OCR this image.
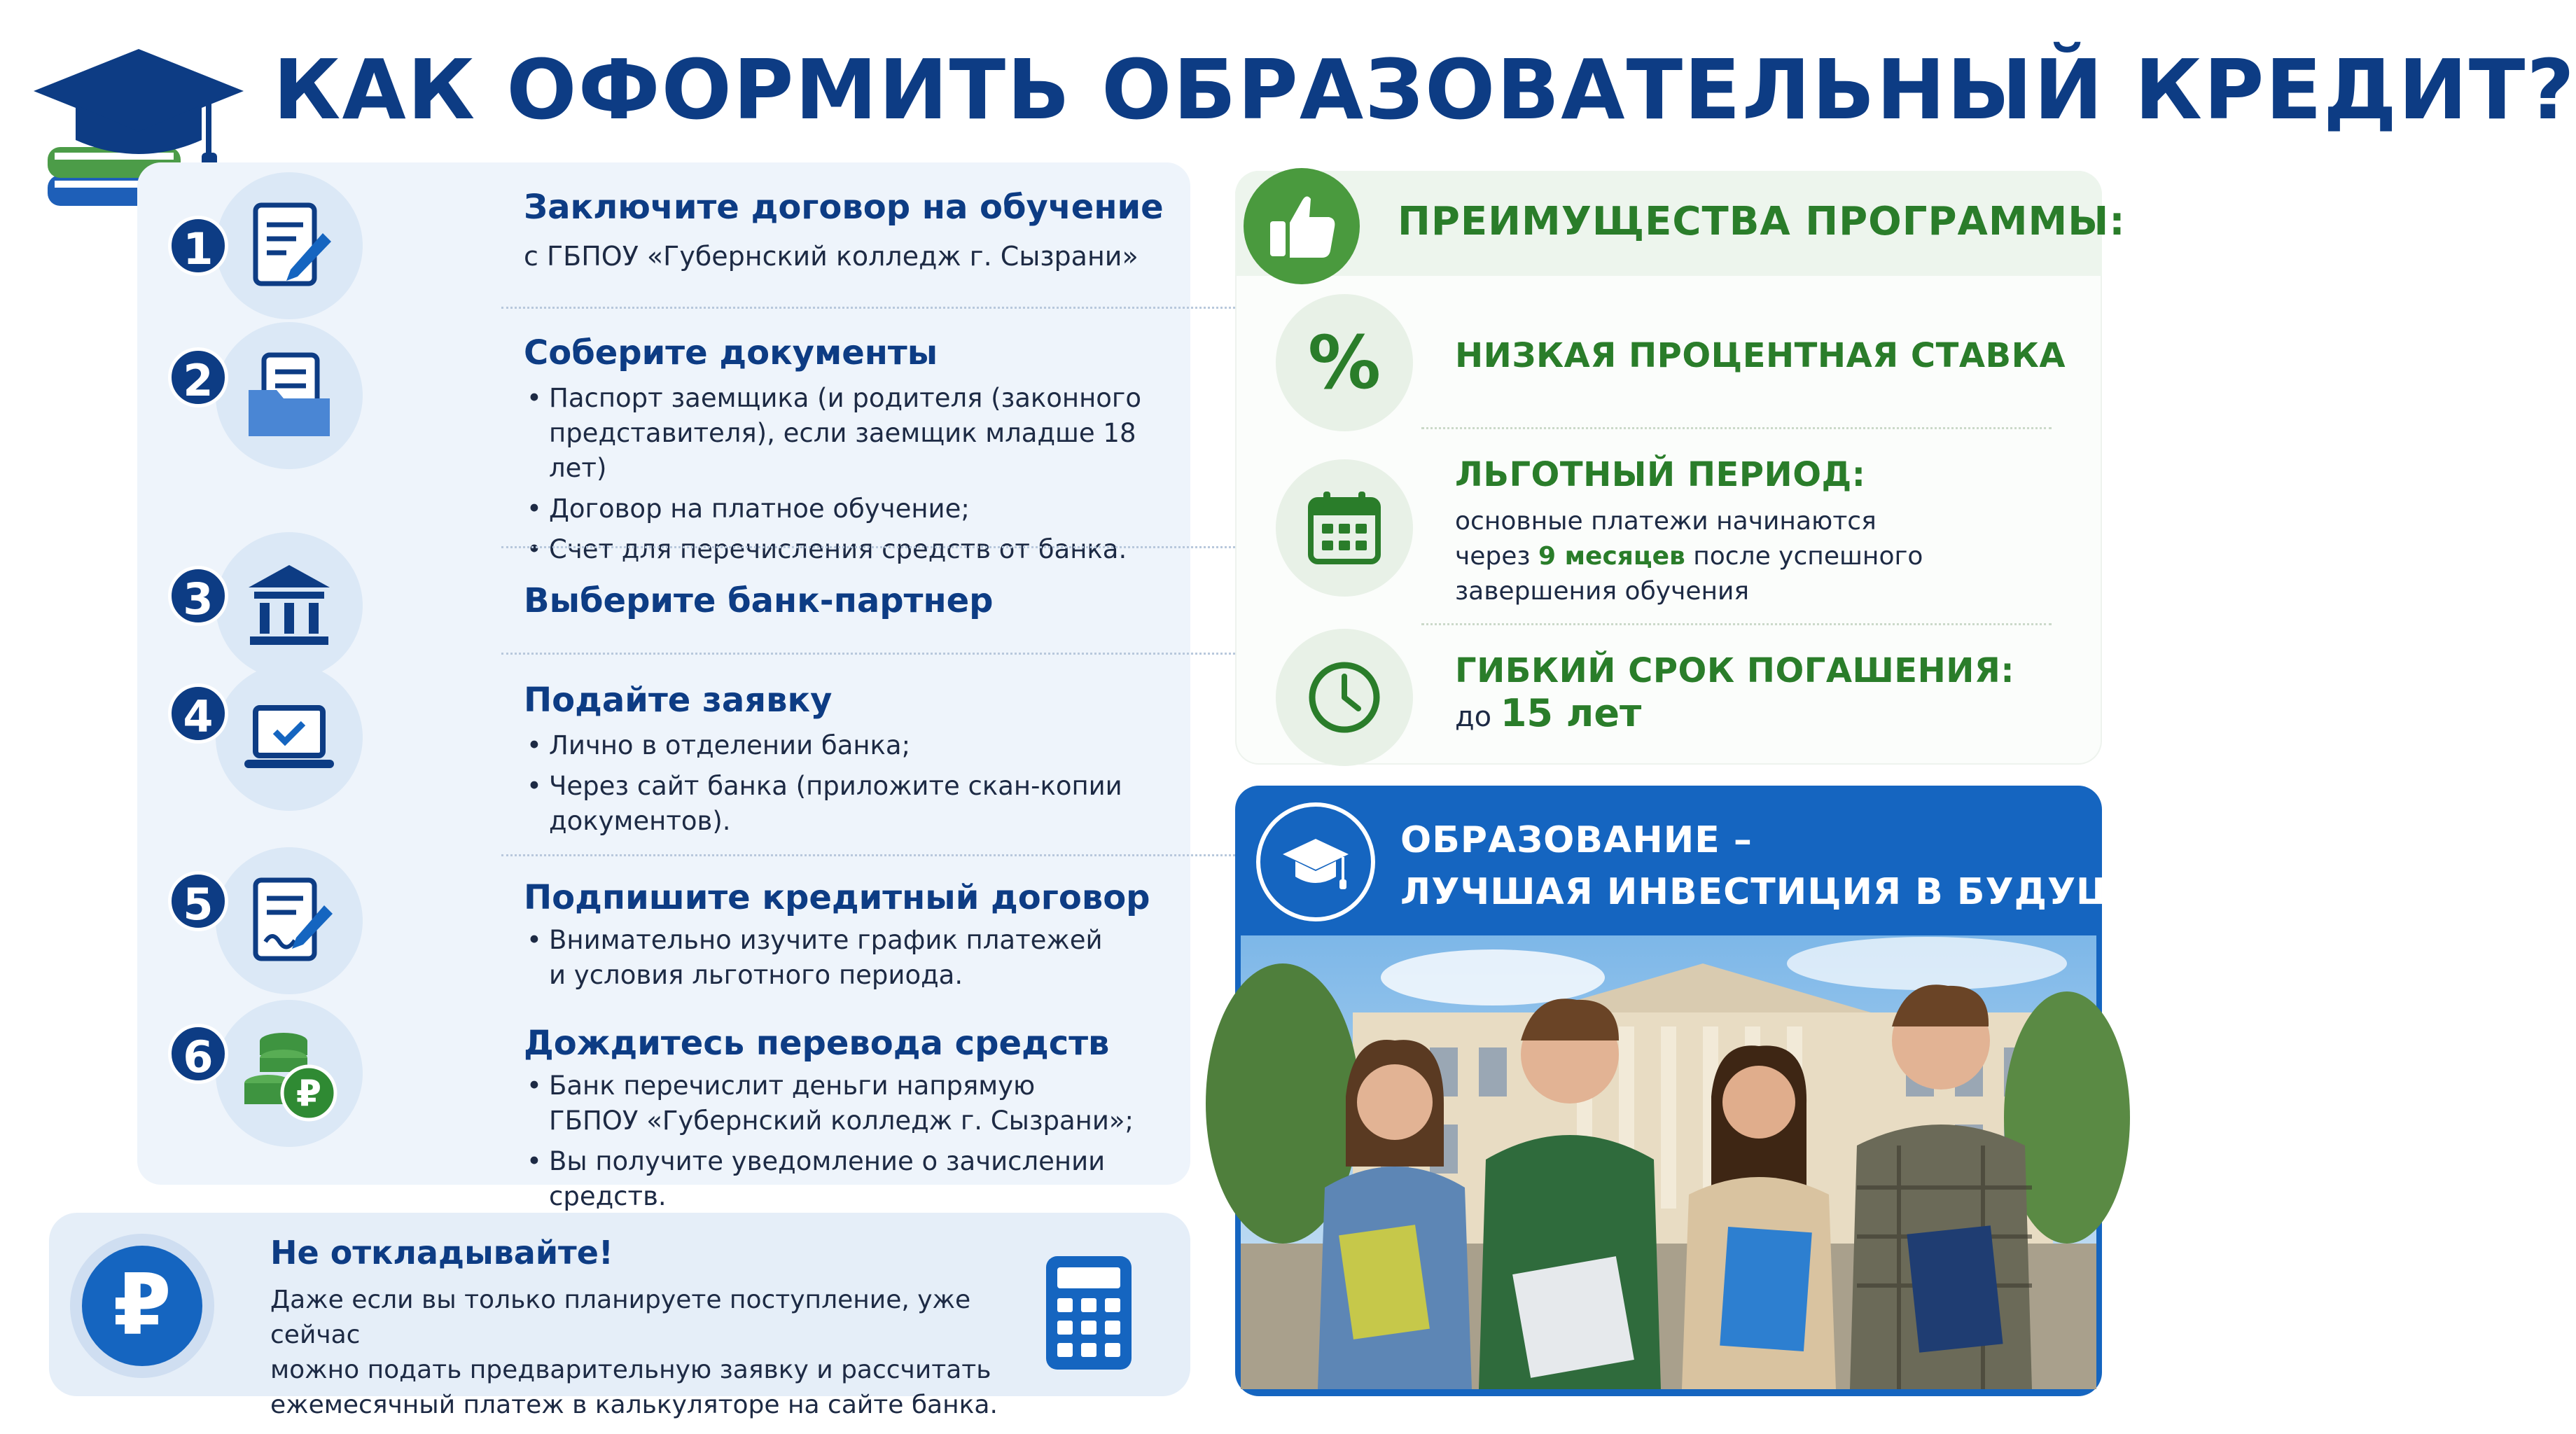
КАК ОФОРМИТЬ ОБРАЗОВАТЕЛЬНЫЙ КРЕДИТ?
1
Заключите договор на обучение
с ГБПОУ «Губернский колледж г. Сызрани»
2
Соберите документы
• Паспорт заемщика (и родителя (законного
представителя), если заемщик младше 18 лет)
• Договор на платное обучение;
• Счет для перечисления средств от банка.
3	Выберите банк-партнер
4	Подайте заявку
• Лично в отделении банка;
• Через сайт банка (приложите скан-копии
документов).
5	Подпишите кредитный договор
• Внимательно изучите график платежей
и условия льготного периода.
₽
6	Дождитесь перевода средств
• Банк перечислит деньги напрямую
ГБПОУ «Губернский колледж г. Сызрани»;
• Вы получите уведомление о зачислении средств.
₽
Не откладывайте!
Даже если вы только планируете поступление, уже сейчас
можно подать предварительную заявку и рассчитать
ежемесячный платеж в калькуляторе на сайте банка.
ПРЕИМУЩЕСТВА ПРОГРАММЫ:
% НИЗКАЯ ПРОЦЕНТНАЯ СТАВКА
ЛЬГОТНЫЙ ПЕРИОД:
основные платежи начинаются
через 9 месяцев после успешного
завершения обучения
ГИБКИЙ СРОК ПОГАШЕНИЯ:
до 15 лет
ОБРАЗОВАНИЕ –
ЛУЧШАЯ ИНВЕСТИЦИЯ В БУДУЩЕЕ!
